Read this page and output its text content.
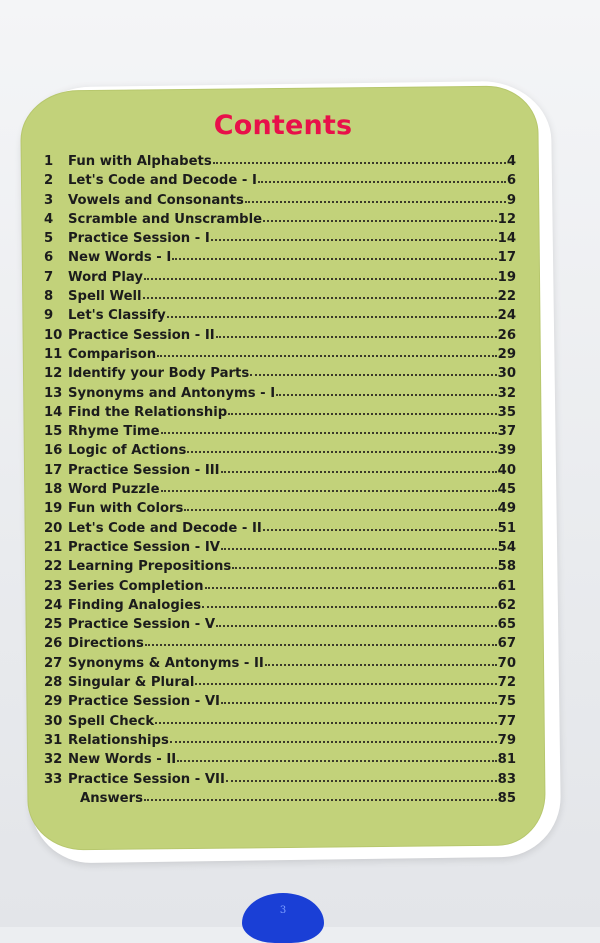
Contents
1	Fun with Alphabets	4
2	Let's Code and Decode - I	6
3	Vowels and Consonants	9
4	Scramble and Unscramble	12
5	Practice Session - I	14
6	New Words - I	17
7	Word Play	19
8	Spell Well	22
9	Let's Classify	24
10 Practice Session - II	26
11 Comparison	29
12 Identify your Body Parts	30
13 Synonyms and Antonyms - I	32
14 Find the Relationship	35
15 Rhyme Time	37
16 Logic of Actions	39
17 Practice Session - III	40
18 Word Puzzle	45
19 Fun with Colors	49
20 Let's Code and Decode - II	51
21 Practice Session - IV	54
22 Learning Prepositions	58
23 Series Completion	61
24 Finding Analogies	62
25 Practice Session - V	65
26 Directions	67
27 Synonyms & Antonyms - II	70
28 Singular & Plural	72
29 Practice Session - VI	75
30 Spell Check	77
31 Relationships	79
32 New Words - II	81
33 Practice Session - VII	83
Answers	85
3
